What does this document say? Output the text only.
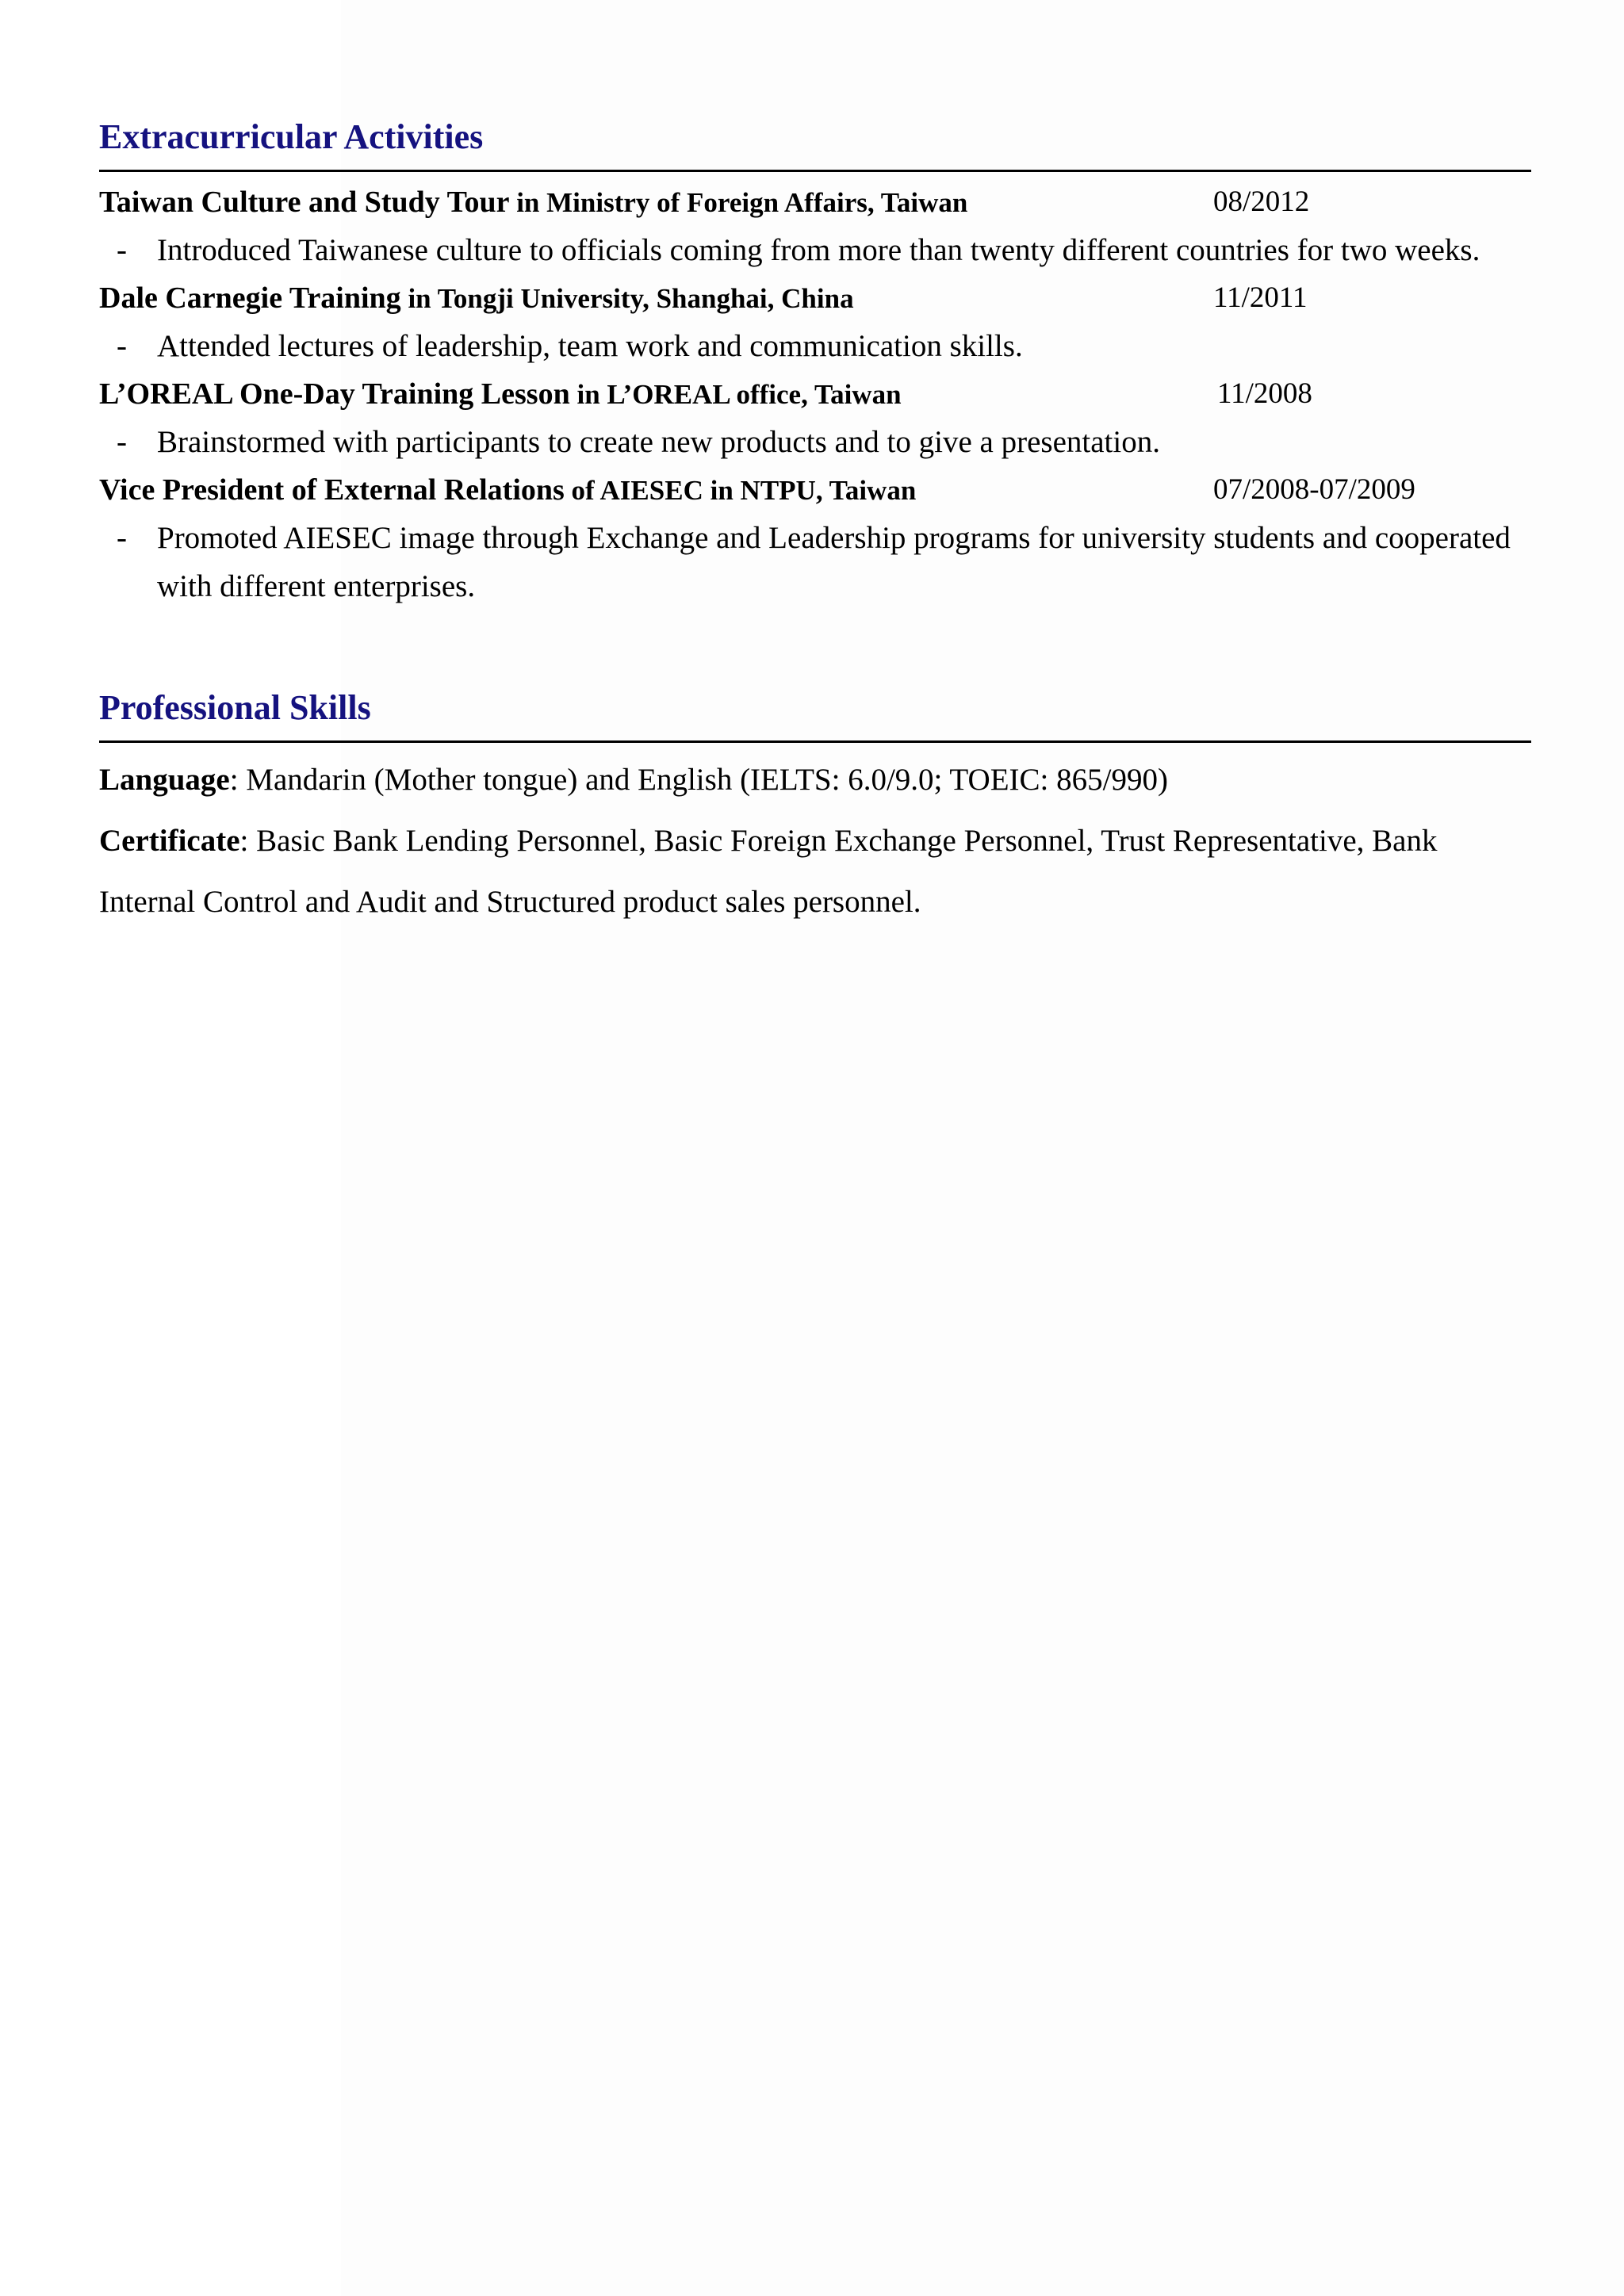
Extracurricular Activities
Taiwan Culture and Study Tour in Ministry of Foreign Affairs, Taiwan	08/2012

- Introduced Taiwanese culture to officials coming from more than twenty different countries for two weeks.

Dale Carnegie Training in Tongji University, Shanghai, China	11/2011

- Attended lectures of leadership, team work and communication skills.

L’OREAL One-Day Training Lesson in L’OREAL office, Taiwan	11/2008

- Brainstormed with participants to create new products and to give a presentation.

Vice President of External Relations of AIESEC in NTPU, Taiwan	07/2008-07/2009

- Promoted AIESEC image through Exchange and Leadership programs for university students and cooperated with different enterprises.

Professional Skills

Language: Mandarin (Mother tongue) and English (IELTS: 6.0/9.0; TOEIC: 865/990)

Certificate: Basic Bank Lending Personnel, Basic Foreign Exchange Personnel, Trust Representative, Bank Internal Control and Audit and Structured product sales personnel.
